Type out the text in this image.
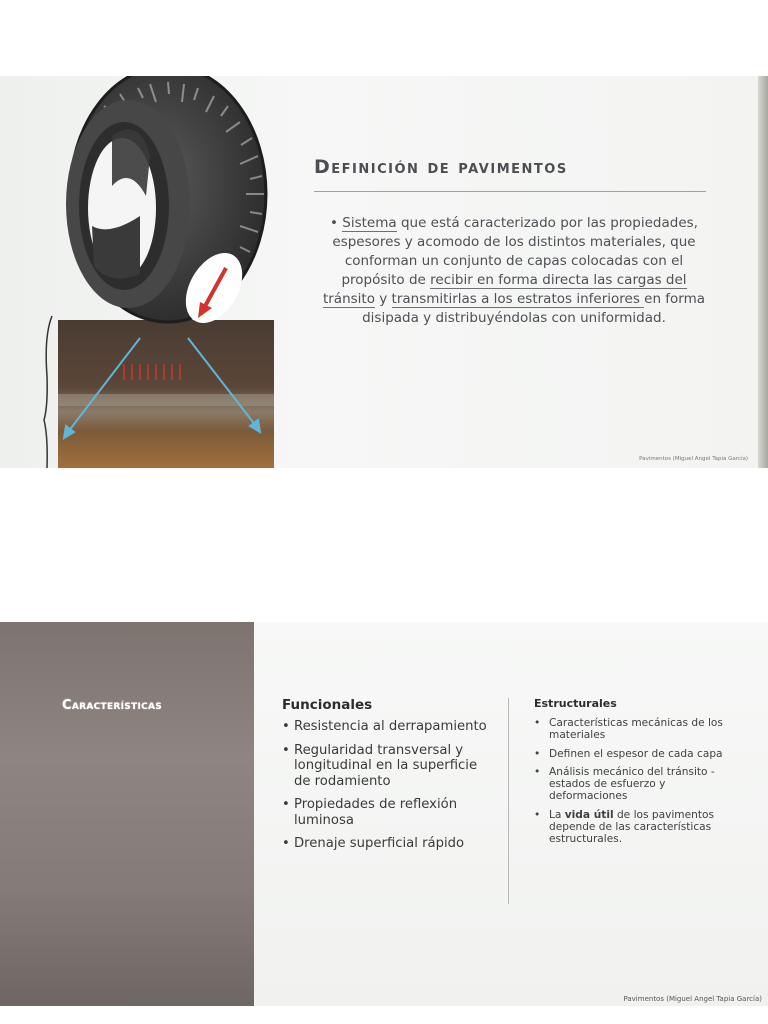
Definición de pavimentos
• Sistema que está caracterizado por las propiedades, espesores y acomodo de los distintos materiales, que conforman un conjunto de capas colocadas con el propósito de recibir en forma directa las cargas del tránsito y transmitirlas a los estratos inferiores en forma disipada y distribuyéndolas con uniformidad.
Pavimentos (Miguel Angel Tapia García)
Características	Funcionales
• Resistencia al derrapamiento
• Regularidad transversal y longitudinal en la superficie de rodamiento
• Propiedades de reflexión luminosa
• Drenaje superficial rápido
Estructurales
• Características mecánicas de los materiales
• Definen el espesor de cada capa
• Análisis mecánico del tránsito - estados de esfuerzo y deformaciones
• La vida útil de los pavimentos depende de las características estructurales.
Pavimentos (Miguel Angel Tapia García)
